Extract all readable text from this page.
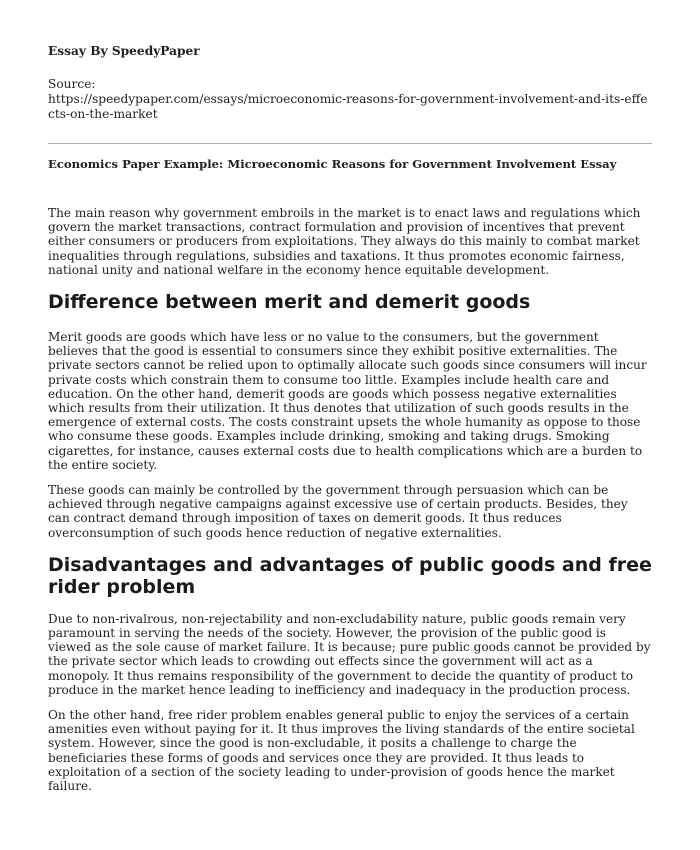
Essay By SpeedyPaper

Source:

https://speedypaper.com/essays/microeconomic-reasons-for-government-involvement-and-its-effects-on-the-market

Economics Paper Example: Microeconomic Reasons for Government Involvement Essay

The main reason why government embroils in the market is to enact laws and regulations which govern the market transactions, contract formulation and provision of incentives that prevent either consumers or producers from exploitations. They always do this mainly to combat market inequalities through regulations, subsidies and taxations. It thus promotes economic fairness, national unity and national welfare in the economy hence equitable development.

Difference between merit and demerit goods

Merit goods are goods which have less or no value to the consumers, but the government believes that the good is essential to consumers since they exhibit positive externalities. The private sectors cannot be relied upon to optimally allocate such goods since consumers will incur private costs which constrain them to consume too little. Examples include health care and education. On the other hand, demerit goods are goods which possess negative externalities which results from their utilization. It thus denotes that utilization of such goods results in the emergence of external costs. The costs constraint upsets the whole humanity as oppose to those who consume these goods. Examples include drinking, smoking and taking drugs. Smoking cigarettes, for instance, causes external costs due to health complications which are a burden to the entire society.

These goods can mainly be controlled by the government through persuasion which can be achieved through negative campaigns against excessive use of certain products. Besides, they can contract demand through imposition of taxes on demerit goods. It thus reduces overconsumption of such goods hence reduction of negative externalities.

Disadvantages and advantages of public goods and free rider problem

Due to non-rivalrous, non-rejectability and non-excludability nature, public goods remain very paramount in serving the needs of the society. However, the provision of the public good is viewed as the sole cause of market failure. It is because; pure public goods cannot be provided by the private sector which leads to crowding out effects since the government will act as a monopoly. It thus remains responsibility of the government to decide the quantity of product to produce in the market hence leading to inefficiency and inadequacy in the production process.

On the other hand, free rider problem enables general public to enjoy the services of a certain amenities even without paying for it. It thus improves the living standards of the entire societal system. However, since the good is non-excludable, it posits a challenge to charge the beneficiaries these forms of goods and services once they are provided. It thus leads to exploitation of a section of the society leading to under-provision of goods hence the market failure.
